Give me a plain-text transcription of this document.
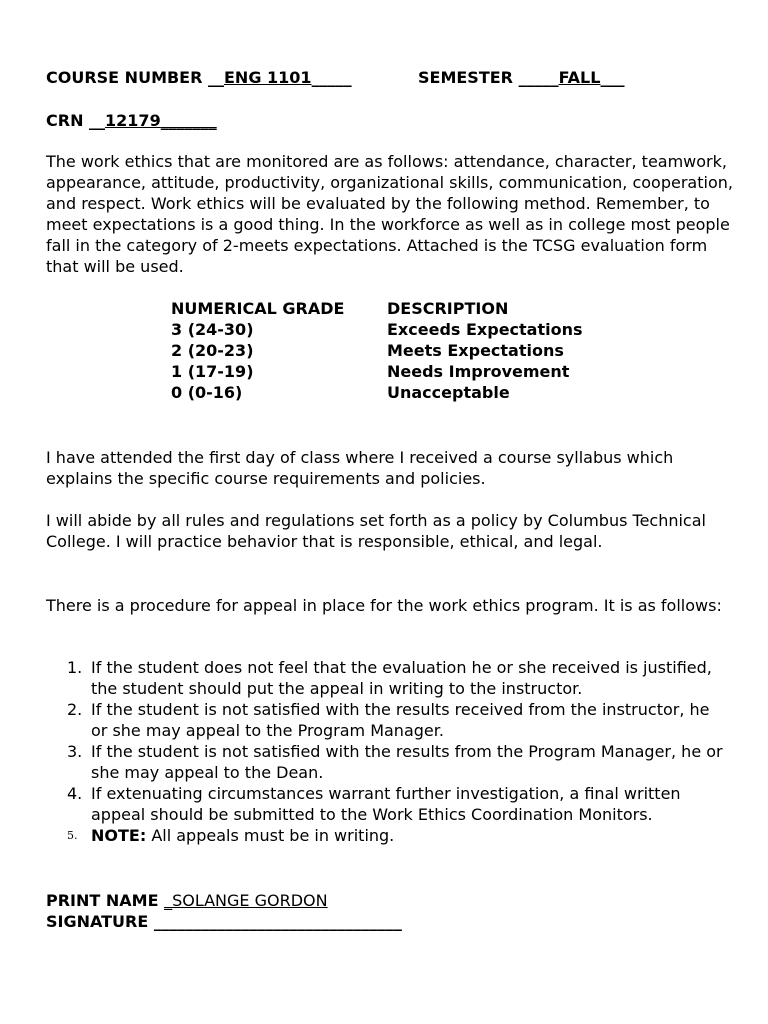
COURSE NUMBER __ENG 1101_____	SEMESTER _____FALL___
CRN __12179_______
The work ethics that are monitored are as follows: attendance, character, teamwork, appearance, attitude, productivity, organizational skills, communication, cooperation, and respect. Work ethics will be evaluated by the following method. Remember, to meet expectations is a good thing. In the workforce as well as in college most people fall in the category of 2-meets expectations. Attached is the TCSG evaluation form that will be used.
NUMERICAL GRADE	DESCRIPTION
3 (24-30)	Exceeds Expectations
2 (20-23)	Meets Expectations
1 (17-19)	Needs Improvement
0 (0-16)	Unacceptable
I have attended the first day of class where I received a course syllabus which explains the specific course requirements and policies.
I will abide by all rules and regulations set forth as a policy by Columbus Technical College. I will practice behavior that is responsible, ethical, and legal.
There is a procedure for appeal in place for the work ethics program. It is as follows:
1. If the student does not feel that the evaluation he or she received is justified, the student should put the appeal in writing to the instructor.
2. If the student is not satisfied with the results received from the instructor, he or she may appeal to the Program Manager.
3. If the student is not satisfied with the results from the Program Manager, he or she may appeal to the Dean.
4. If extenuating circumstances warrant further investigation, a final written appeal should be submitted to the Work Ethics Coordination Monitors.
5. NOTE: All appeals must be in writing.
PRINT NAME _SOLANGE GORDON
SIGNATURE _______________________________
